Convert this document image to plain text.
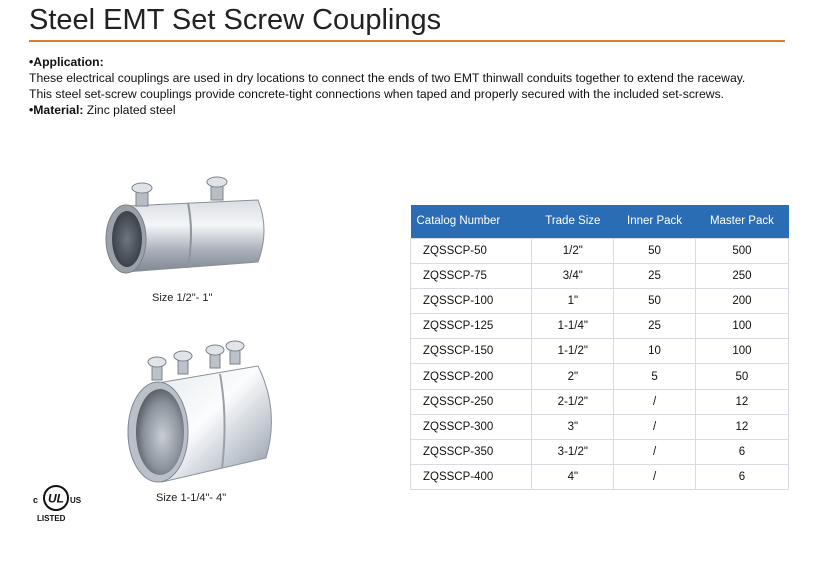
Steel EMT Set Screw Couplings

•Application:

These electrical couplings are used in dry locations to connect the ends of two EMT thinwall conduits together to extend the raceway.

This steel set-screw couplings provide concrete-tight connections when taped and properly secured with the included set-screws.

•Material: Zinc plated steel

Size 1/2"- 1"
Size 1-1/4"- 4"
Catalog Number	Trade Size	Inner Pack	Master Pack
ZQSSCP-50	1/2"	50	500
ZQSSCP-75	3/4"	25	250
ZQSSCP-100	1"	50	200
ZQSSCP-125	1-1/4"	25	100
ZQSSCP-150	1-1/2"	10	100
ZQSSCP-200	2"	5	50
ZQSSCP-250	2-1/2"	/	12
ZQSSCP-300	3"	/	12
ZQSSCP-350	3-1/2"	/	6
ZQSSCP-400	4"	/	6
c UL US
LISTED
